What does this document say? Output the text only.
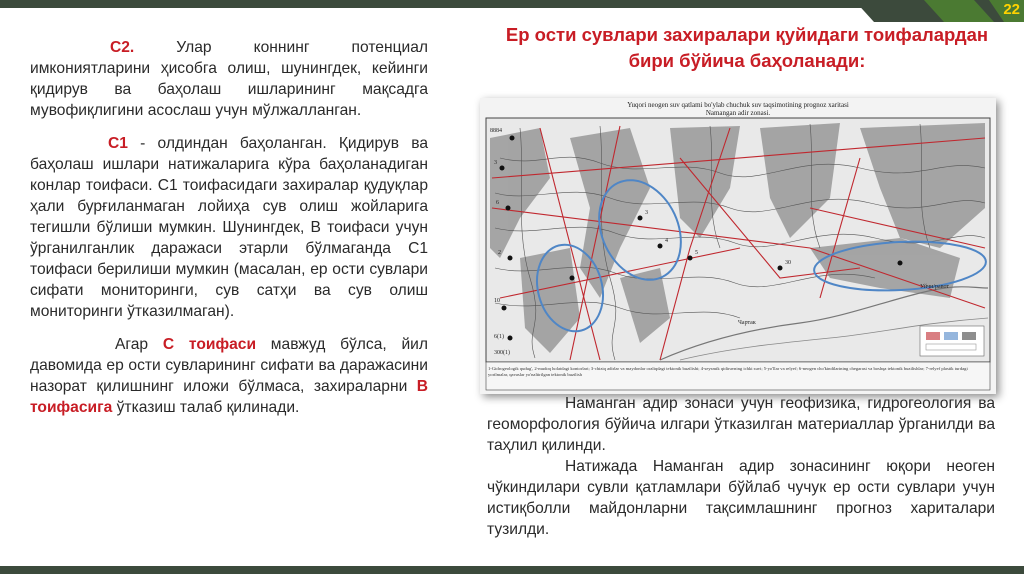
22
Ер ости сувлари захиралари қуйидаги тоифалардан бири бўйича баҳоланади:

С2. Улар коннинг потенциал имкониятларини ҳисобга олиш, шунингдек, кейинги қидирув ва баҳолаш ишларининг мақсадга мувофиқлигини асослаш учун мўлжалланган.

С1 - олдиндан баҳоланган. Қидирув ва баҳолаш ишлари натижаларига кўра баҳоланадиган конлар тоифаси. С1 тоифасидаги захиралар қудуқлар ҳали бурғиланмаган лойиҳа сув олиш жойларига тегишли бўлиши мумкин. Шунингдек, В тоифаси учун ўрганилганлик даражаси этарли бўлмаганда С1 тоифаси берилиши мумкин (масалан, ер ости сувлари сифати мониторинги, сув сатҳи ва сув олиш мониторинги ўтказилмаган).

Агар С тоифаси мавжуд бўлса, йил давомида ер ости сувларининг сифати ва даражасини назорат қилишнинг иложи бўлмаса, захираларни В тоифасига ўтказиш талаб қилинади.

Yuqori neogen suv qatlami bo'ylab chuchuk suv taqsimotining prognoz xaritasi
Namangan adir zonasi.
8884
3
6
2
10
3
4
5
6(1)
300(1)
30
Чартак
Уйчи/равот
1-Gidrogeologik qudug', 2-mudoq holatdagi kontorlari; 3-chiziq adirlar va maydonlar oraliqdagi tektonik buzilishi; 4-seysmik qidiruvning ichki suvi; 5-yo'llar va relyef; 6-neogen cho'kindilarining chegarasi va boshqa tektonik buzilishlar; 7-relyef plastik turdagi yorilmalar, qavaslar yo'naltirilgan tektonik buzilish

Наманган адир зонаси учун геофизика, гидрогеология ва геоморфология бўйича илгари ўтказилган материаллар ўрганилди ва таҳлил қилинди.

Натижада Наманган адир зонасининг юқори неоген чўкиндилари сувли қатламлари бўйлаб чучук ер ости сувлари учун истиқболли майдонларни тақсимлашнинг прогноз хариталари тузилди.
